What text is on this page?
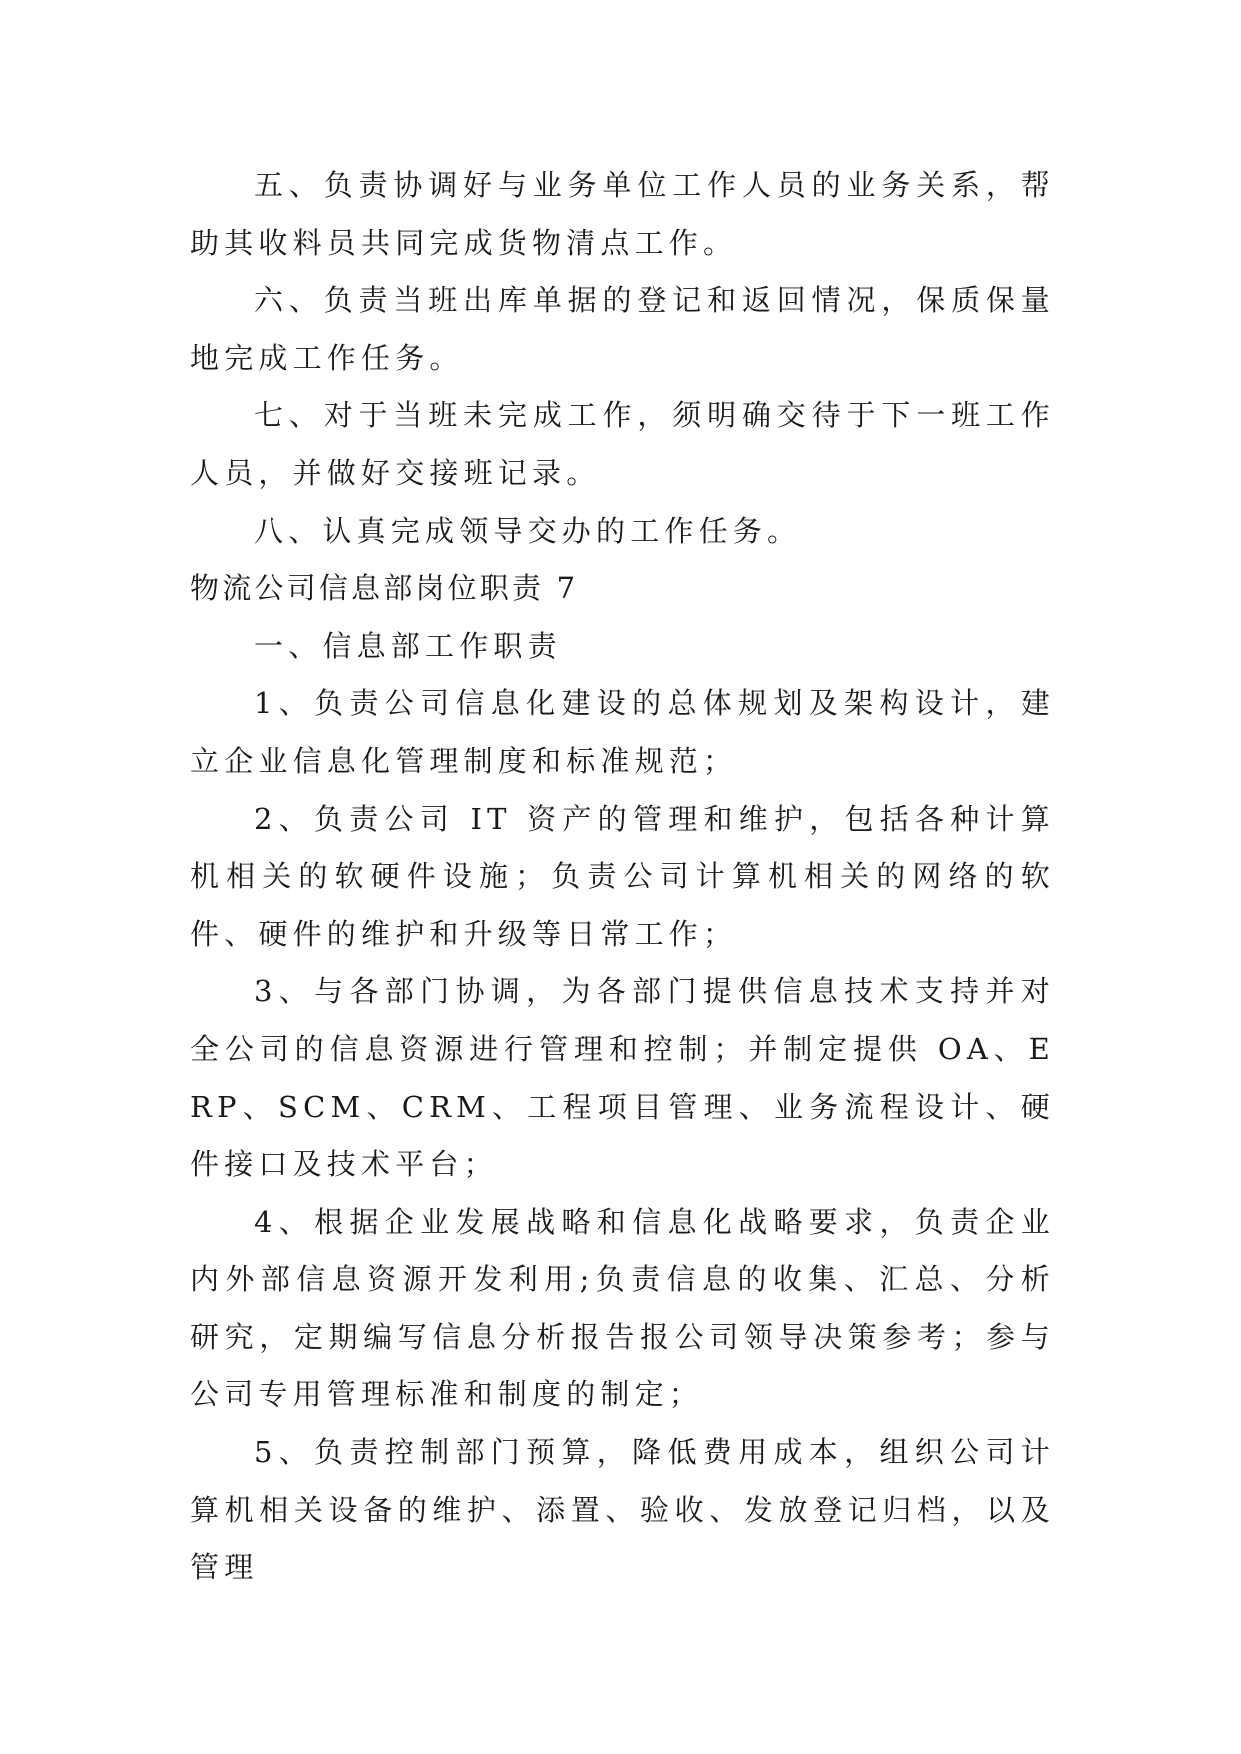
五、负责协调好与业务单位工作人员的业务关系，帮助其收料员共同完成货物清点工作。

六、负责当班出库单据的登记和返回情况，保质保量地完成工作任务。

七、对于当班未完成工作，须明确交待于下一班工作人员，并做好交接班记录。

八、认真完成领导交办的工作任务。

物流公司信息部岗位职责 7

一、信息部工作职责

1、负责公司信息化建设的总体规划及架构设计，建立企业信息化管理制度和标准规范；

2、负责公司 IT 资产的管理和维护，包括各种计算机相关的软硬件设施；负责公司计算机相关的网络的软件、硬件的维护和升级等日常工作；

3、与各部门协调，为各部门提供信息技术支持并对全公司的信息资源进行管理和控制；并制定提供 OA、ERP、SCM、CRM、工程项目管理、业务流程设计、硬件接口及技术平台；

4、根据企业发展战略和信息化战略要求，负责企业内外部信息资源开发利用;负责信息的收集、汇总、分析研究，定期编写信息分析报告报公司领导决策参考；参与公司专用管理标准和制度的制定；

5、负责控制部门预算，降低费用成本，组织公司计算机相关设备的维护、添置、验收、发放登记归档，以及管理
